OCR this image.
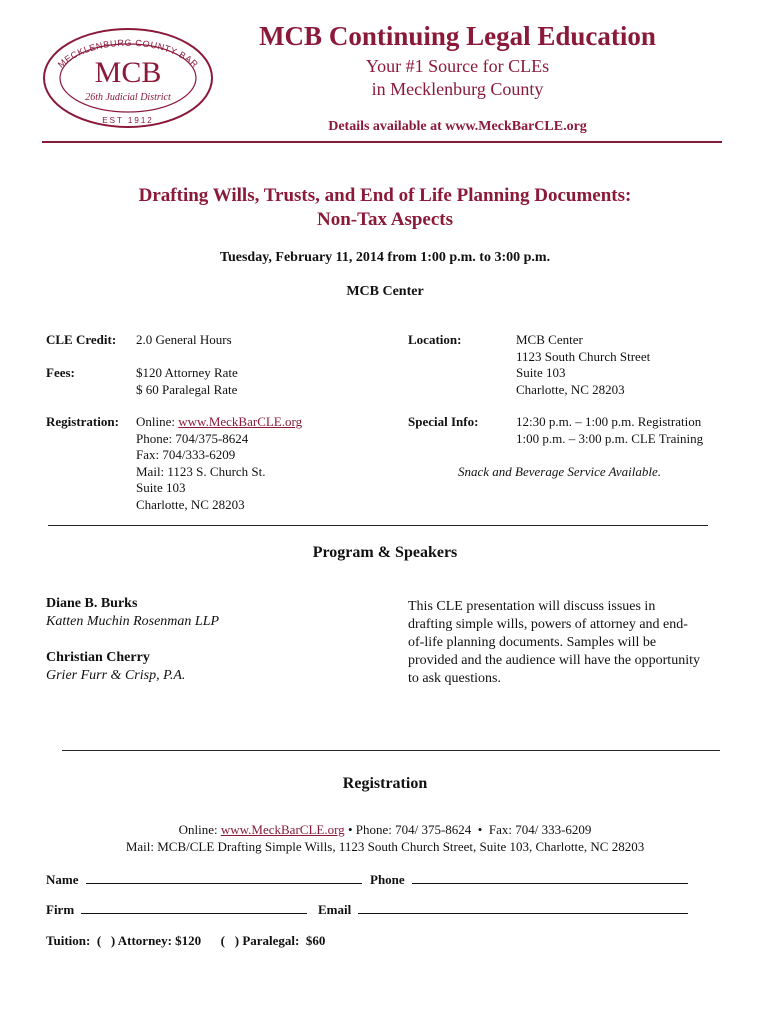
MECKLENBURG COUNTY BAR
MCB
26th Judicial District
EST 1912
MCB Continuing Legal Education
Your #1 Source for CLEs
in Mecklenburg County
Details available at www.MeckBarCLE.org
Drafting Wills, Trusts, and End of Life Planning Documents:
Non-Tax Aspects
Tuesday, February 11, 2014 from 1:00 p.m. to 3:00 p.m.
MCB Center
CLE Credit: 2.0 General Hours
Fees:	$120 Attorney Rate
$ 60 Paralegal Rate
Registration: Online: www.MeckBarCLE.org
Phone: 704/375-8624
Fax: 704/333-6209
Mail: 1123 S. Church St.
Suite 103
Charlotte, NC 28203
Location:	MCB Center
1123 South Church Street
Suite 103
Charlotte, NC 28203
Special Info:	12:30 p.m. – 1:00 p.m. Registration
1:00 p.m. – 3:00 p.m. CLE Training
Snack and Beverage Service Available.
Program & Speakers
Diane B. Burks
Katten Muchin Rosenman LLP
Christian Cherry
Grier Furr & Crisp, P.A.
This CLE presentation will discuss issues in
drafting simple wills, powers of attorney and end-
of-life planning documents. Samples will be
provided and the audience will have the opportunity
to ask questions.
Registration
Online: www.MeckBarCLE.org • Phone: 704/ 375-8624  •  Fax: 704/ 333-6209
Mail: MCB/CLE Drafting Simple Wills, 1123 South Church Street, Suite 103, Charlotte, NC 28203
Name	Phone
Firm	Email
Tuition:  (   ) Attorney: $120      (   ) Paralegal:  $60
